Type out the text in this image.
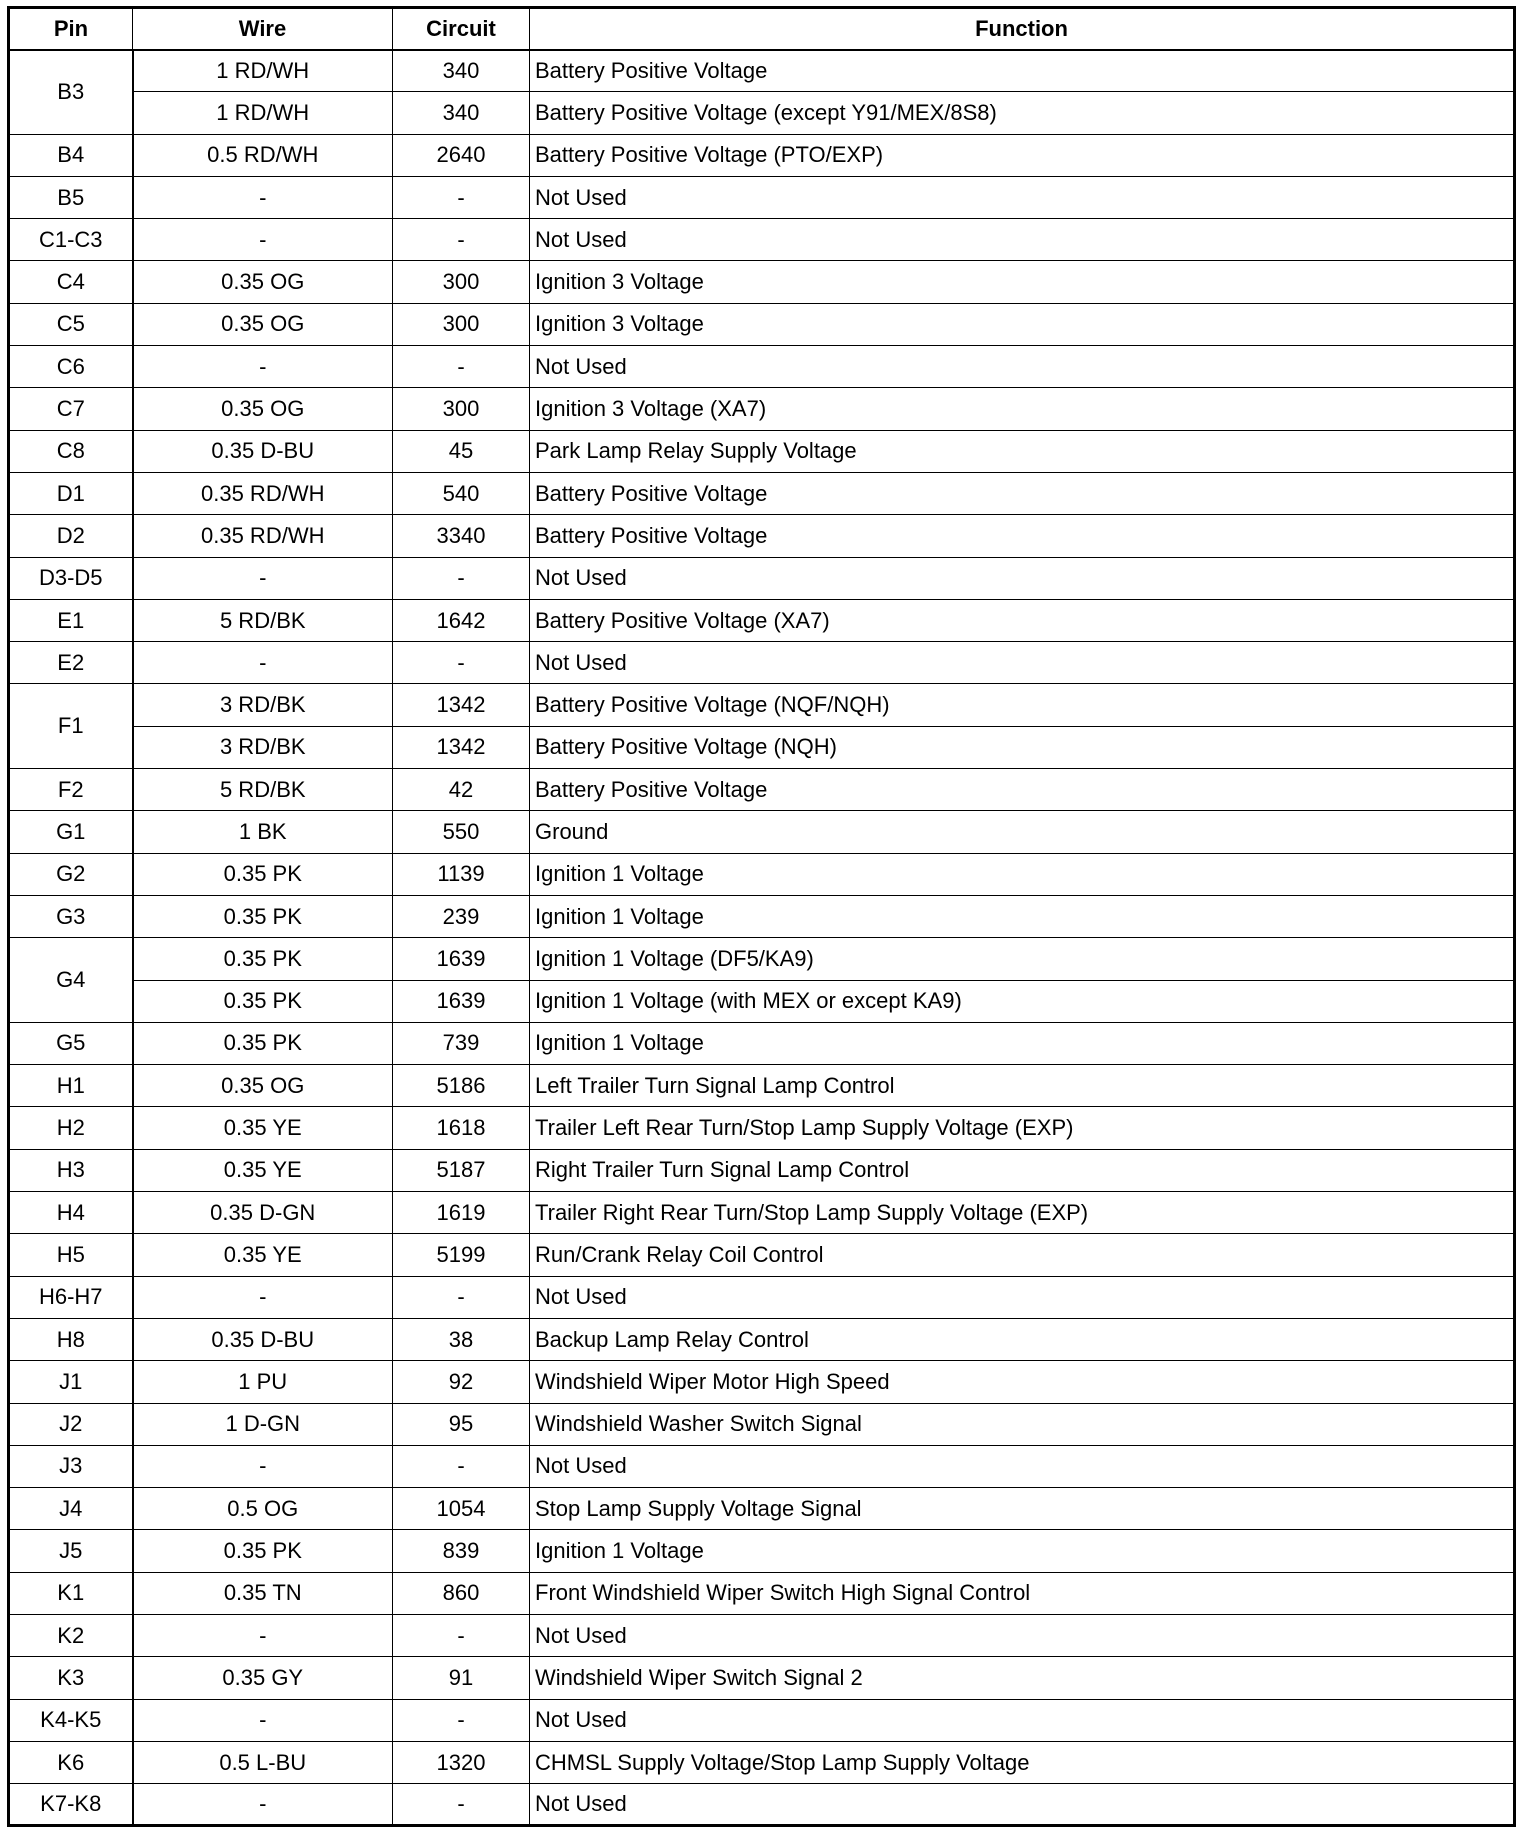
Pin	Wire	Circuit	Function
B3	1 RD/WH	340	Battery Positive Voltage
	1 RD/WH	340	Battery Positive Voltage (except Y91/MEX/8S8)
B4	0.5 RD/WH	2640	Battery Positive Voltage (PTO/EXP)
B5	-	-	Not Used
C1-C3	-	-	Not Used
C4	0.35 OG	300	Ignition 3 Voltage
C5	0.35 OG	300	Ignition 3 Voltage
C6	-	-	Not Used
C7	0.35 OG	300	Ignition 3 Voltage (XA7)
C8	0.35 D-BU	45	Park Lamp Relay Supply Voltage
D1	0.35 RD/WH	540	Battery Positive Voltage
D2	0.35 RD/WH	3340	Battery Positive Voltage
D3-D5	-	-	Not Used
E1	5 RD/BK	1642	Battery Positive Voltage (XA7)
E2	-	-	Not Used
F1	3 RD/BK	1342	Battery Positive Voltage (NQF/NQH)
	3 RD/BK	1342	Battery Positive Voltage (NQH)
F2	5 RD/BK	42	Battery Positive Voltage
G1	1 BK	550	Ground
G2	0.35 PK	1139	Ignition 1 Voltage
G3	0.35 PK	239	Ignition 1 Voltage
G4	0.35 PK	1639	Ignition 1 Voltage (DF5/KA9)
	0.35 PK	1639	Ignition 1 Voltage (with MEX or except KA9)
G5	0.35 PK	739	Ignition 1 Voltage
H1	0.35 OG	5186	Left Trailer Turn Signal Lamp Control
H2	0.35 YE	1618	Trailer Left Rear Turn/Stop Lamp Supply Voltage (EXP)
H3	0.35 YE	5187	Right Trailer Turn Signal Lamp Control
H4	0.35 D-GN	1619	Trailer Right Rear Turn/Stop Lamp Supply Voltage (EXP)
H5	0.35 YE	5199	Run/Crank Relay Coil Control
H6-H7	-	-	Not Used
H8	0.35 D-BU	38	Backup Lamp Relay Control
J1	1 PU	92	Windshield Wiper Motor High Speed
J2	1 D-GN	95	Windshield Washer Switch Signal
J3	-	-	Not Used
J4	0.5 OG	1054	Stop Lamp Supply Voltage Signal
J5	0.35 PK	839	Ignition 1 Voltage
K1	0.35 TN	860	Front Windshield Wiper Switch High Signal Control
K2	-	-	Not Used
K3	0.35 GY	91	Windshield Wiper Switch Signal 2
K4-K5	-	-	Not Used
K6	0.5 L-BU	1320	CHMSL Supply Voltage/Stop Lamp Supply Voltage
K7-K8	-	-	Not Used
